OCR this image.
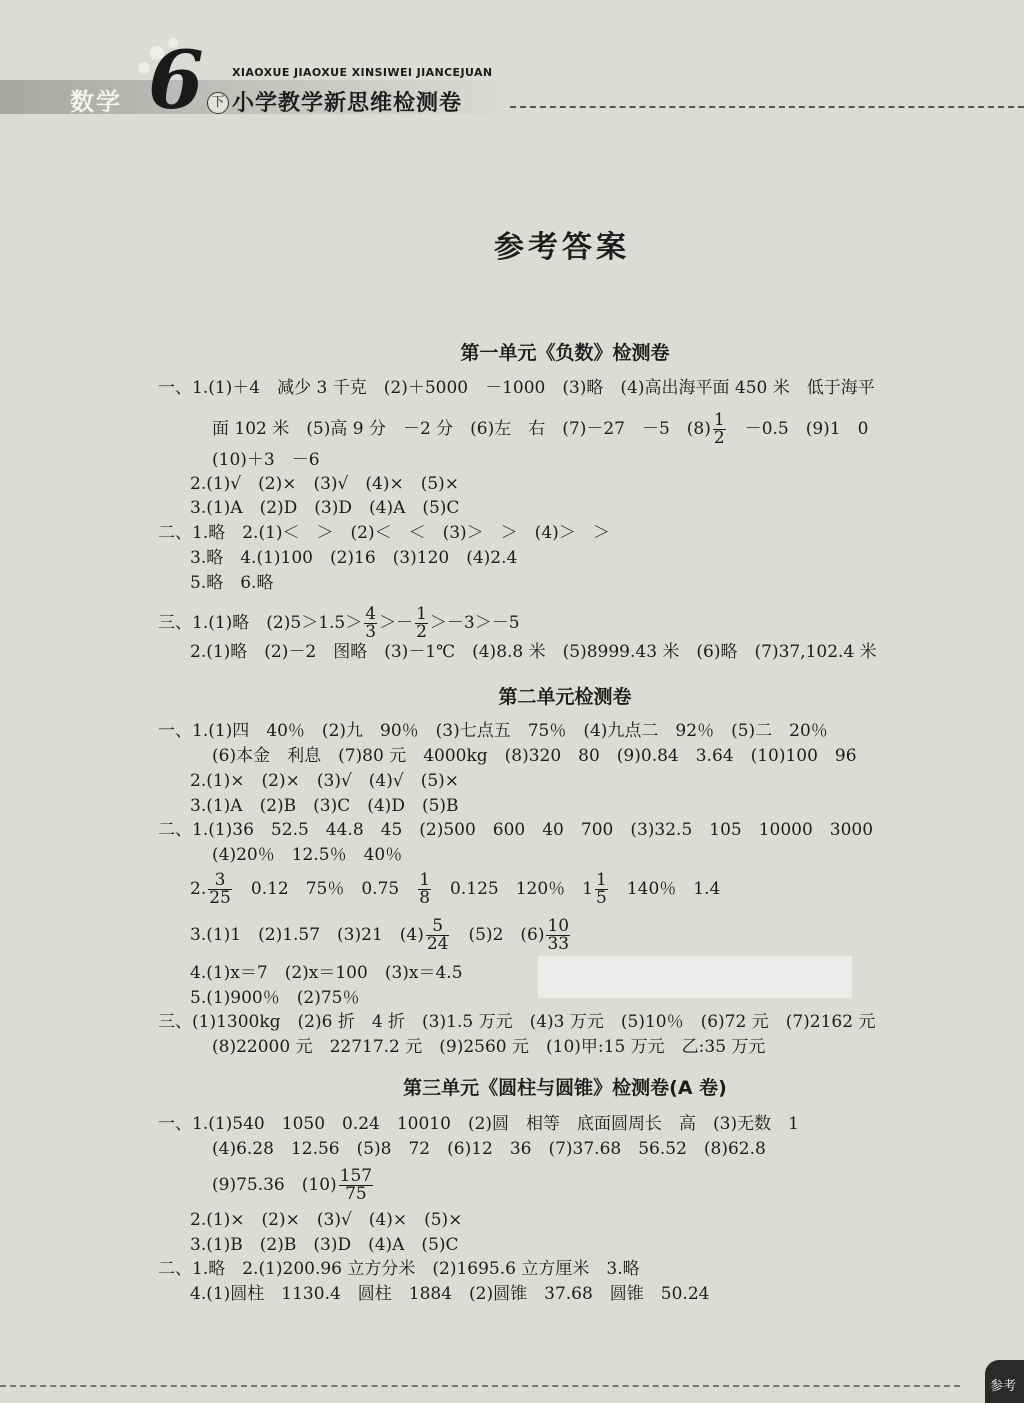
数学 6 下
XIAOXUE JIAOXUE XINSIWEI JIANCEJUAN
小学教学新思维检测卷
参考答案
第一单元《负数》检测卷
一、1.(1)＋4　减少 3 千克　(2)＋5000　－1000　(3)略　(4)高出海平面 450 米　低于海平
面 102 米　(5)高 9 分　－2 分　(6)左　右　(7)－27　－5　$(8) \frac{1}{2}$
　 －0.5　(9)1　0
(10)＋3　－6
2.(1)√　(2)×　(3)√　(4)×　(5)×
3.(1)A　(2)D　(3)D　(4)A　(5)C
二、1.略　2.(1)＜　＞　(2)＜　＜　(3)＞　＞　(4)＞　＞
3.略　4.(1)100　(2)16　(3)120　(4)2.4
5.略　6.略
三、1.(1)略　$(2)5>1.5> \frac{4}{3} >- \frac{1}{2} >-3>-5$
2.(1)略　(2)－2　图略　(3)－1℃　(4)8.8 米　(5)8999.43 米　(6)略　(7)37,102.4 米
第二单元检测卷
一、1.(1)四　40％　(2)九　90％　(3)七点五　75％　(4)九点二　92％　(5)二　20％
(6)本金　利息　(7)80 元　4000kg　(8)320　80　(9)0.84　3.64　(10)100　96
2.(1)×　(2)×　(3)√　(4)√　(5)×
3.(1)A　(2)B　(3)C　(4)D　(5)B
二、1.(1)36　52.5　44.8　45　(2)500　600　40　700　(3)32.5　105　10000　3000
(4)20％　12.5％　40％
2. $\frac{3}{25}$
　 0.12　75％　0.75　 $\frac{1}{8}$
　 0.125　120％　$1 \frac{1}{5}$
　 140％　1.4
3.(1)1　(2)1.57　(3)21　$(4) \frac{5}{24}$
　 (5)2　$(6) \frac{10}{33}$
4.(1)x＝7　(2)x＝100　(3)x＝4.5
5.(1)900％　(2)75％
三、(1)1300kg　(2)6 折　4 折　(3)1.5 万元　(4)3 万元　(5)10％　(6)72 元　(7)2162 元
(8)22000 元　22717.2 元　(9)2560 元　(10)甲:15 万元　乙:35 万元
第三单元《圆柱与圆锥》检测卷(A 卷)
一、1.(1)540　1050　0.24　10010　(2)圆　相等　底面圆周长　高　(3)无数　1
(4)6.28　12.56　(5)8　72　(6)12　36　(7)37.68　56.52　(8)62.8
(9)75.36　$(10) \frac{157}{75}$
2.(1)×　(2)×　(3)√　(4)×　(5)×
3.(1)B　(2)B　(3)D　(4)A　(5)C
二、1.略　2.(1)200.96 立方分米　(2)1695.6 立方厘米　3.略
4.(1)圆柱　1130.4　圆柱　1884　(2)圆锥　37.68　圆锥　50.24
参考
